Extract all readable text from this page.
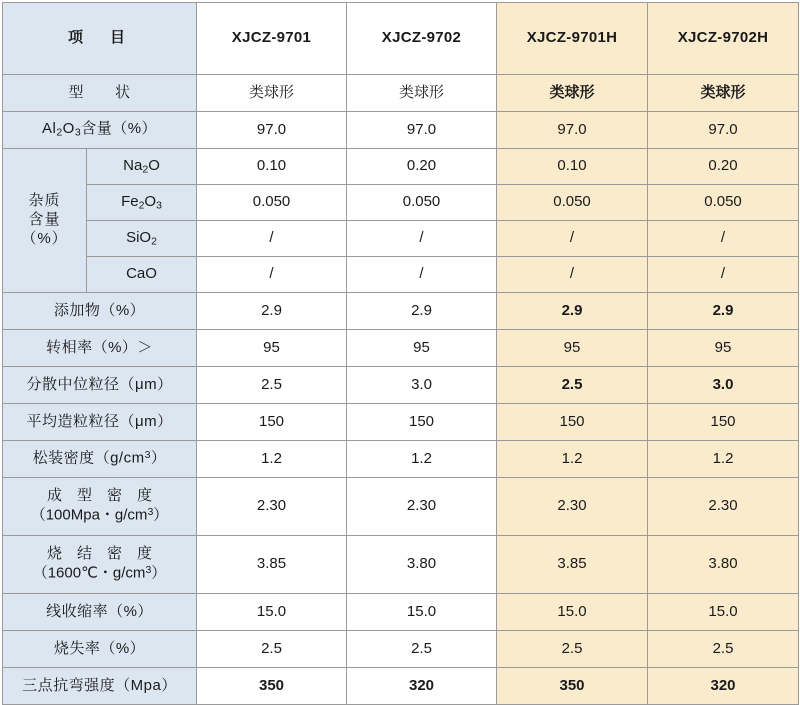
项　目		XJCZ-9701	XJCZ-9702	XJCZ-9701H	XJCZ-9702H
型　　状		类球形	类球形	类球形	类球形
$Al_2O_3$含量（%）		97.0	97.0	97.0	97.0

杂质
含量
（%）	$Na_2O$	0.10	0.20	0.10	0.20
	$Fe_2O_3$	0.050	0.050	0.050	0.050
	SiO$_2$	/	/	/	/
	CaO	/	/	/	/
添加物（%）		2.9	2.9	2.9	2.9
转相率（%）＞		95	95	95	95
分散中位粒径（μm）		2.5	3.0	2.5	3.0
平均造粒粒径（μm）		150	150	150	150
松装密度$(g/cm^3)$		1.2	1.2	1.2	1.2

成　型　密　度
（100Mpa・$g/cm^3$）		2.30	2.30	2.30	2.30

烧　结　密　度
（1600℃・$g/cm^3$）		3.85	3.80	3.85	3.80
线收缩率（%）		15.0	15.0	15.0	15.0
烧失率（%）		2.5	2.5	2.5	2.5
三点抗弯强度（Mpa）		350	320	350	320
